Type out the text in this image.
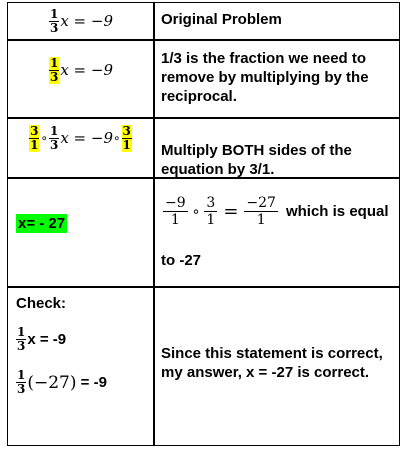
$\frac{1}{3}$ x = −9	Original Problem
$\frac{1}{3}$ x = −9
1/3 is the fraction we need to remove by multiplying by the reciprocal.
$\frac{3}{1}$ ∘ $\frac{1}{3}$ x = −9 ∘ $\frac{3}{1}$ Multiply BOTH sides of the equation by 3/1.
x= - 27	$\frac{-9}{1}$ ∘ $\frac{3}{1} = \frac{-27}{1}$ which is equal
to -27
Check:
$\frac{1}{3}$ x = -9
$\frac{1}{3} (-27) = -9$
Since this statement is correct, my answer, x = -27 is correct.
